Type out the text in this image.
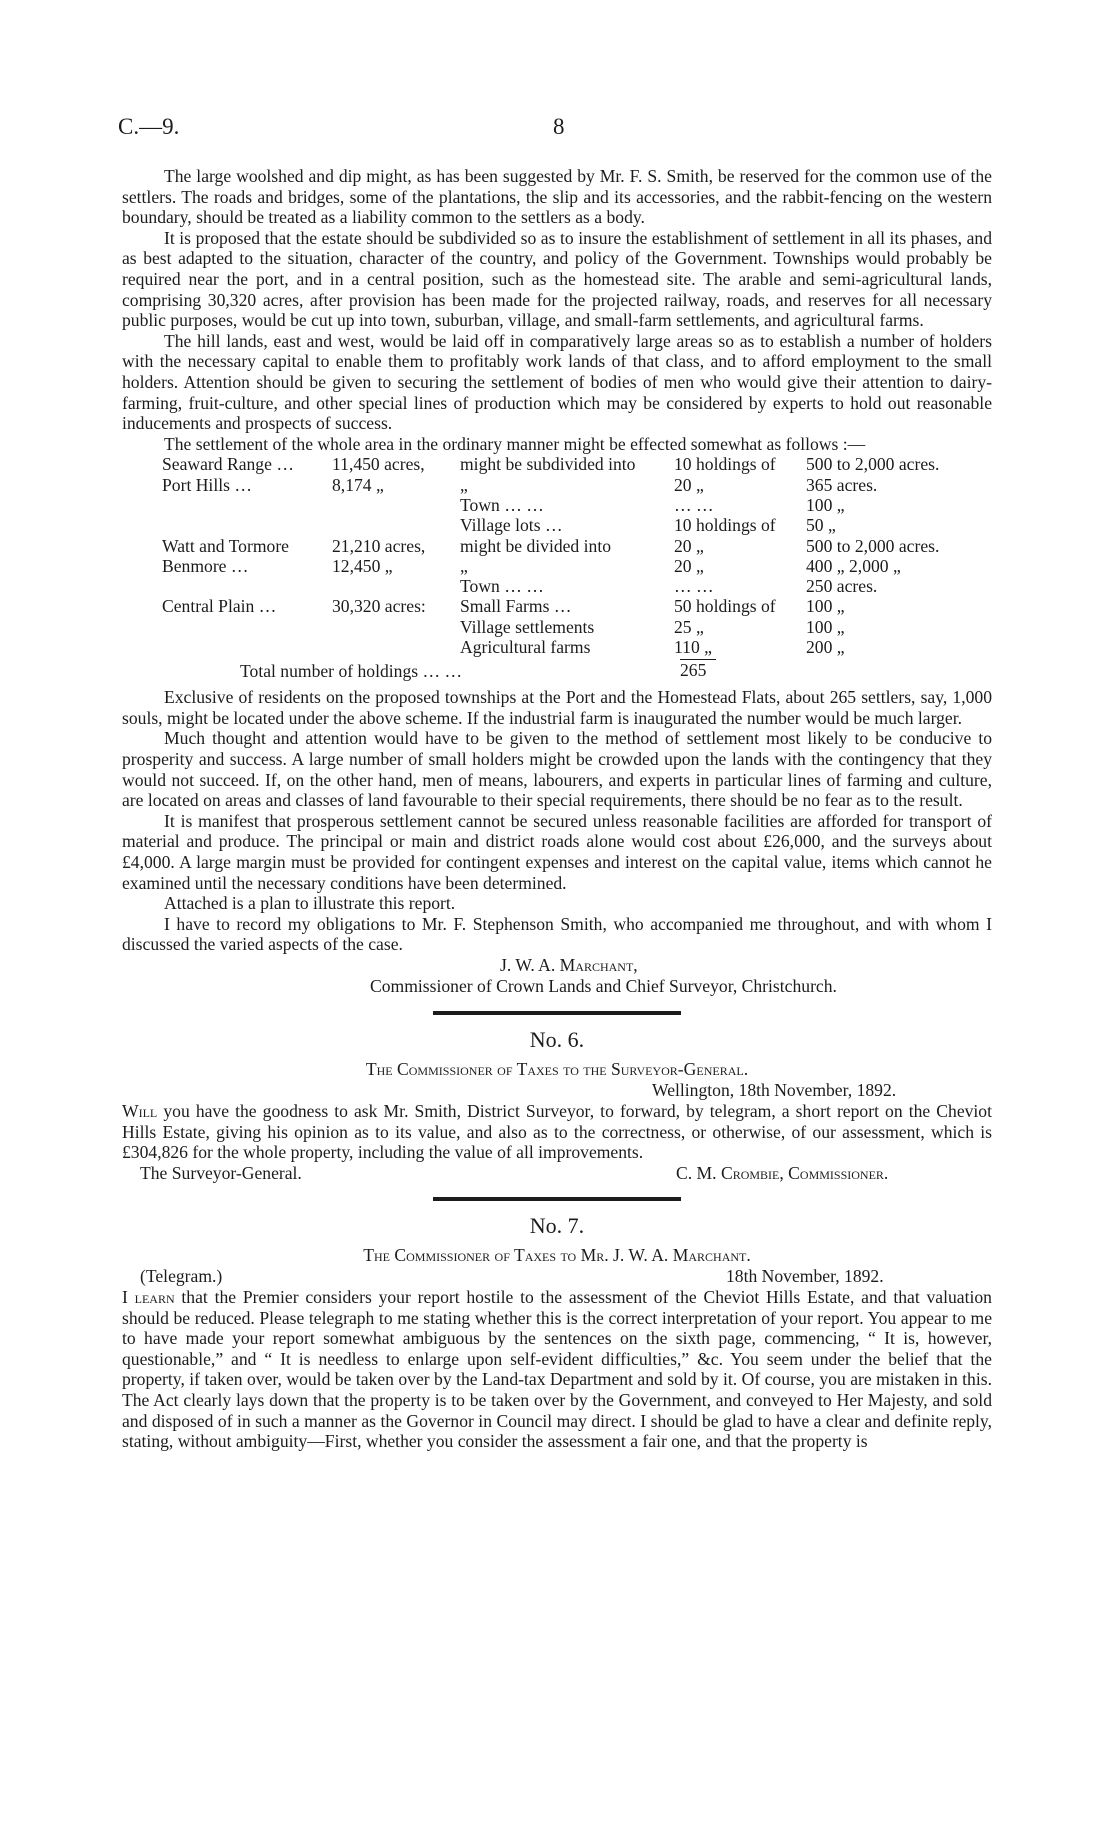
C.—9.	8

The large woolshed and dip might, as has been suggested by Mr. F. S. Smith, be reserved for the common use of the settlers. The roads and bridges, some of the plantations, the slip and its accessories, and the rabbit-fencing on the western boundary, should be treated as a liability common to the settlers as a body.

It is proposed that the estate should be subdivided so as to insure the establishment of settlement in all its phases, and as best adapted to the situation, character of the country, and policy of the Government. Townships would probably be required near the port, and in a central position, such as the homestead site. The arable and semi-agricultural lands, comprising 30,320 acres, after provision has been made for the projected railway, roads, and reserves for all necessary public purposes, would be cut up into town, suburban, village, and small-farm settlements, and agricultural farms.

The hill lands, east and west, would be laid off in comparatively large areas so as to establish a number of holders with the necessary capital to enable them to profitably work lands of that class, and to afford employment to the small holders. Attention should be given to securing the settlement of bodies of men who would give their attention to dairy-farming, fruit-culture, and other special lines of production which may be considered by experts to hold out reasonable inducements and prospects of success.

The settlement of the whole area in the ordinary manner might be effected somewhat as follows :—

Seaward Range …	11,450 acres,	might be subdivided into	10 holdings of	500 to 2,000 acres.
Port Hills …	8,174 „	„	20 „	365 acres.
		Town … …	… …	100 „
		Village lots …	10 holdings of	50 „
Watt and Tormore	21,210 acres,	might be divided into	20 „	500 to 2,000 acres.
Benmore …	12,450 „	„	20 „	400 „ 2,000 „
		Town … …	… …	250 acres.
Central Plain …	30,320 acres:	Small Farms …	50 holdings of	100 „
		Village settlements	25 „	100 „
		Agricultural farms	110 „	200 „
Total number of holdings … …	265

Exclusive of residents on the proposed townships at the Port and the Homestead Flats, about 265 settlers, say, 1,000 souls, might be located under the above scheme. If the industrial farm is inaugurated the number would be much larger.

Much thought and attention would have to be given to the method of settlement most likely to be conducive to prosperity and success. A large number of small holders might be crowded upon the lands with the contingency that they would not succeed. If, on the other hand, men of means, labourers, and experts in particular lines of farming and culture, are located on areas and classes of land favourable to their special requirements, there should be no fear as to the result.

It is manifest that prosperous settlement cannot be secured unless reasonable facilities are afforded for transport of material and produce. The principal or main and district roads alone would cost about £26,000, and the surveys about £4,000. A large margin must be provided for contingent expenses and interest on the capital value, items which cannot he examined until the necessary conditions have been determined.

Attached is a plan to illustrate this report.

I have to record my obligations to Mr. F. Stephenson Smith, who accompanied me throughout, and with whom I discussed the varied aspects of the case.

J. W. A. Marchant,
Commissioner of Crown Lands and Chief Surveyor, Christchurch.
No. 6.
The Commissioner of Taxes to the Surveyor-General.
Wellington, 18th November, 1892.

Will you have the goodness to ask Mr. Smith, District Surveyor, to forward, by telegram, a short report on the Cheviot Hills Estate, giving his opinion as to its value, and also as to the correctness, or otherwise, of our assessment, which is £304,826 for the whole property, including the value of all improvements.

The Surveyor-General.	C. M. Crombie, Commissioner.
No. 7.
The Commissioner of Taxes to Mr. J. W. A. Marchant.
(Telegram.)	18th November, 1892.

I learn that the Premier considers your report hostile to the assessment of the Cheviot Hills Estate, and that valuation should be reduced. Please telegraph to me stating whether this is the correct interpretation of your report. You appear to me to have made your report somewhat ambiguous by the sentences on the sixth page, commencing, “ It is, however, questionable,” and “ It is needless to enlarge upon self-evident difficulties,” &c. You seem under the belief that the property, if taken over, would be taken over by the Land-tax Department and sold by it. Of course, you are mistaken in this. The Act clearly lays down that the property is to be taken over by the Government, and conveyed to Her Majesty, and sold and disposed of in such a manner as the Governor in Council may direct. I should be glad to have a clear and definite reply, stating, without ambiguity—First, whether you consider the assessment a fair one, and that the property is
